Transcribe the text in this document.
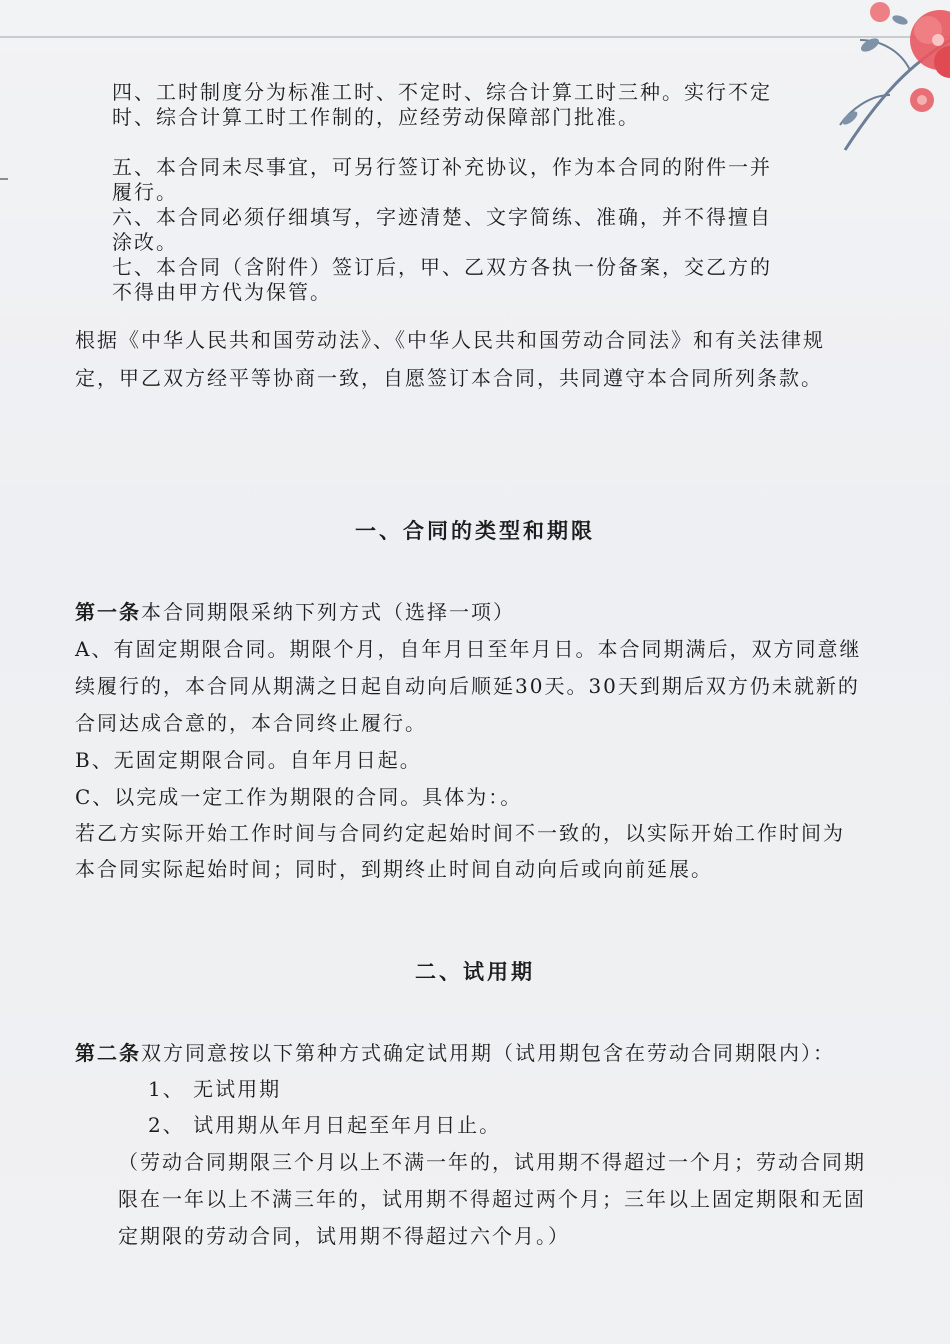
四、工时制度分为标准工时、不定时、综合计算工时三种。实行不定
时、综合计算工时工作制的，应经劳动保障部门批准。
五、本合同未尽事宜，可另行签订补充协议，作为本合同的附件一并
履行。
六、本合同必须仔细填写，字迹清楚、文字简练、准确，并不得擅自
涂改。
七、本合同（含附件）签订后，甲、乙双方各执一份备案，交乙方的
不得由甲方代为保管。
根据《中华人民共和国劳动法》、《中华人民共和国劳动合同法》和有关法律规
定，甲乙双方经平等协商一致，自愿签订本合同，共同遵守本合同所列条款。
一、合同的类型和期限
第一条本合同期限采纳下列方式（选择一项）
A、有固定期限合同。期限个月，自年月日至年月日。本合同期满后，双方同意继
续履行的，本合同从期满之日起自动向后顺延30天。30天到期后双方仍未就新的
合同达成合意的，本合同终止履行。
B、无固定期限合同。自年月日起。
C、以完成一定工作为期限的合同。具体为：。
若乙方实际开始工作时间与合同约定起始时间不一致的，以实际开始工作时间为
本合同实际起始时间；同时，到期终止时间自动向后或向前延展。
二、试用期
第二条双方同意按以下第种方式确定试用期（试用期包含在劳动合同期限内）：
1、 无试用期
2、 试用期从年月日起至年月日止。
（劳动合同期限三个月以上不满一年的，试用期不得超过一个月；劳动合同期
限在一年以上不满三年的，试用期不得超过两个月；三年以上固定期限和无固
定期限的劳动合同，试用期不得超过六个月。）
